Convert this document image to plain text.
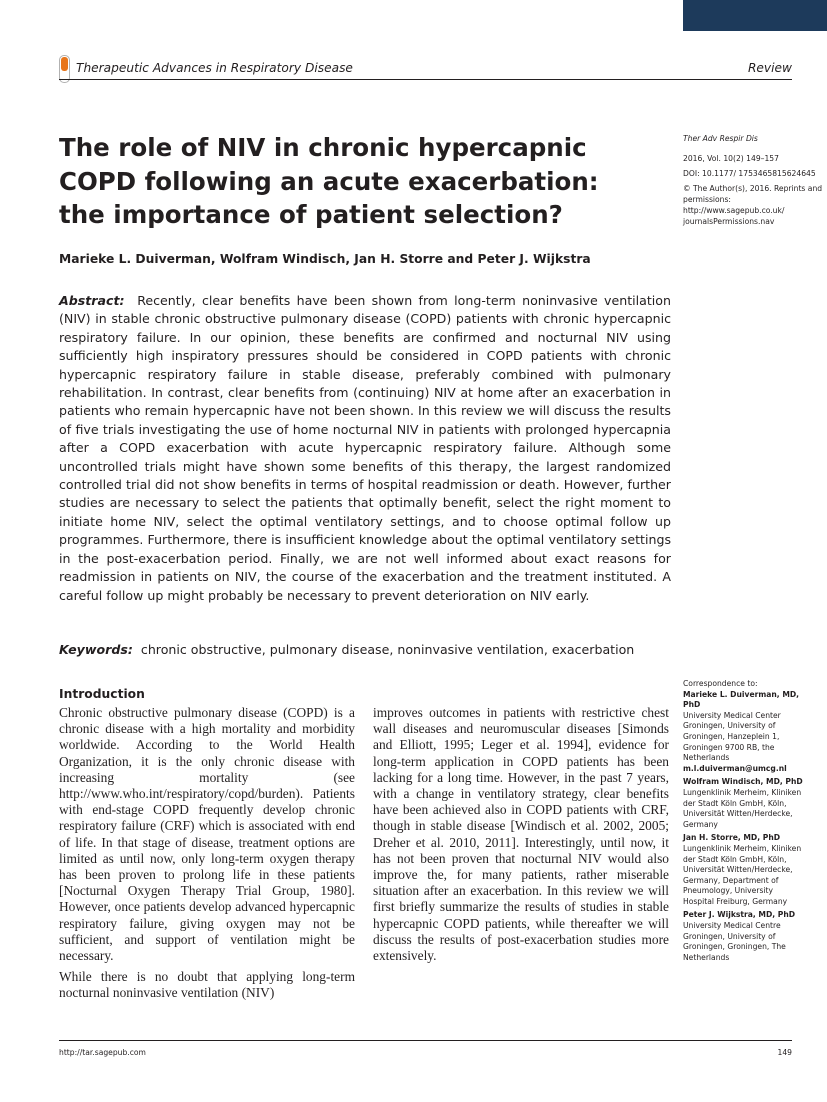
Therapeutic Advances in Respiratory Disease	Review
The role of NIV in chronic hypercapnic COPD following an acute exacerbation: the importance of patient selection?
Marieke L. Duiverman, Wolfram Windisch, Jan H. Storre and Peter J. Wijkstra

Ther Adv Respir Dis

2016, Vol. 10(2) 149–157

DOI: 10.1177/ 1753465815624645

© The Author(s), 2016. Reprints and permissions: http://www.sagepub.co.uk/ journalsPermissions.nav

Abstract: Recently, clear benefits have been shown from long-term noninvasive ventilation (NIV) in stable chronic obstructive pulmonary disease (COPD) patients with chronic hypercapnic respiratory failure. In our opinion, these benefits are confirmed and nocturnal NIV using sufficiently high inspiratory pressures should be considered in COPD patients with chronic hypercapnic respiratory failure in stable disease, preferably combined with pulmonary rehabilitation. In contrast, clear benefits from (continuing) NIV at home after an exacerbation in patients who remain hypercapnic have not been shown. In this review we will discuss the results of five trials investigating the use of home nocturnal NIV in patients with prolonged hypercapnia after a COPD exacerbation with acute hypercapnic respiratory failure. Although some uncontrolled trials might have shown some benefits of this therapy, the largest randomized controlled trial did not show benefits in terms of hospital readmission or death. However, further studies are necessary to select the patients that optimally benefit, select the right moment to initiate home NIV, select the optimal ventilatory settings, and to choose optimal follow up programmes. Furthermore, there is insufficient knowledge about the optimal ventilatory settings in the post-exacerbation period. Finally, we are not well informed about exact reasons for readmission in patients on NIV, the course of the exacerbation and the treatment instituted. A careful follow up might probably be necessary to prevent deterioration on NIV early.
Keywords: chronic obstructive, pulmonary disease, noninvasive ventilation, exacerbation
Introduction

Chronic obstructive pulmonary disease (COPD) is a chronic disease with a high mortality and morbidity worldwide. According to the World Health Organization, it is the only chronic disease with increasing mortality (see http://www.who.int/respiratory/copd/burden). Patients with end-stage COPD frequently develop chronic respiratory failure (CRF) which is associated with end of life. In that stage of disease, treatment options are limited as until now, only long-term oxygen therapy has been proven to prolong life in these patients [Nocturnal Oxygen Therapy Trial Group, 1980]. However, once patients develop advanced hypercapnic respiratory failure, giving oxygen may not be sufficient, and support of ventilation might be necessary.

While there is no doubt that applying long-term nocturnal noninvasive ventilation (NIV)

improves outcomes in patients with restrictive chest wall diseases and neuromuscular diseases [Simonds and Elliott, 1995; Leger et al. 1994], evidence for long-term application in COPD patients has been lacking for a long time. However, in the past 7 years, with a change in ventilatory strategy, clear benefits have been achieved also in COPD patients with CRF, though in stable disease [Windisch et al. 2002, 2005; Dreher et al. 2010, 2011]. Interestingly, until now, it has not been proven that nocturnal NIV would also improve the, for many patients, rather miserable situation after an exacerbation. In this review we will first briefly summarize the results of studies in stable hypercapnic COPD patients, while thereafter we will discuss the results of post-exacerbation studies more extensively.

Correspondence to:

Marieke L. Duiverman, MD, PhD
University Medical Center Groningen, University of Groningen, Hanzeplein 1, Groningen 9700 RB, the Netherlands
m.l.duiverman@umcg.nl

Wolfram Windisch, MD, PhD
Lungenklinik Merheim, Kliniken der Stadt Köln GmbH, Köln, Universität Witten/Herdecke, Germany

Jan H. Storre, MD, PhD
Lungenklinik Merheim, Kliniken der Stadt Köln GmbH, Köln, Universität Witten/Herdecke, Germany, Department of Pneumology, University Hospital Freiburg, Germany

Peter J. Wijkstra, MD, PhD
University Medical Centre Groningen, University of Groningen, Groningen, The Netherlands

http://tar.sagepub.com	149
